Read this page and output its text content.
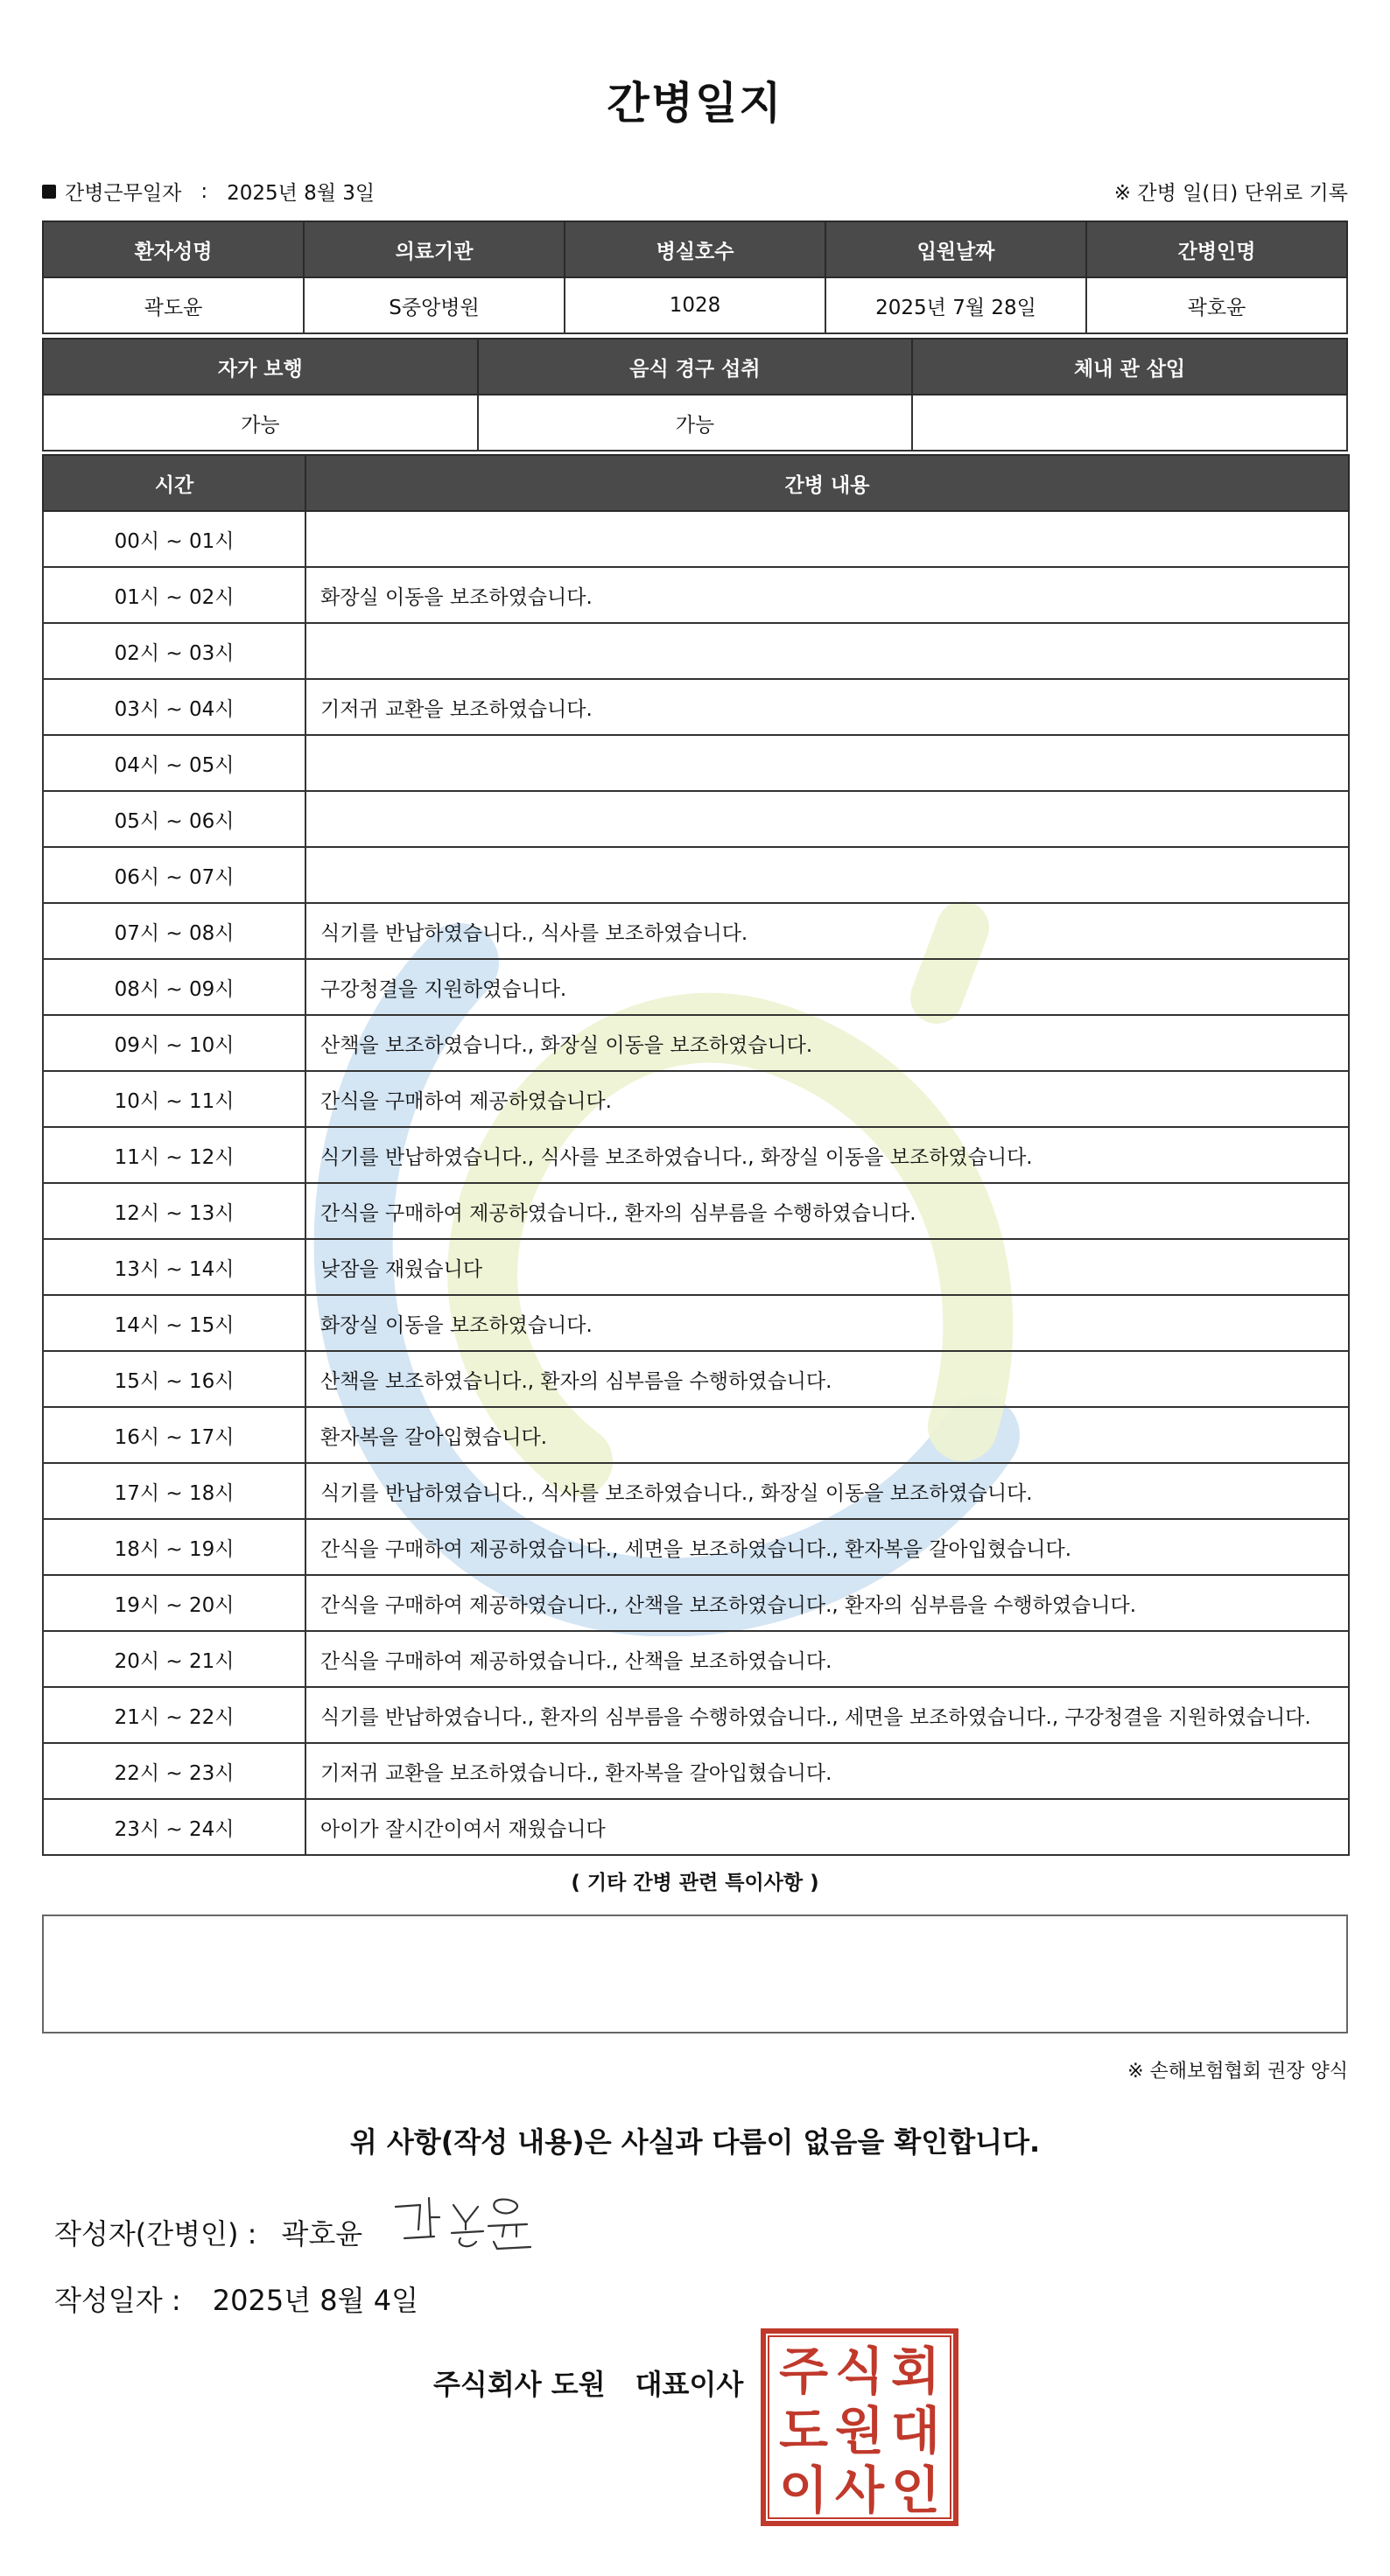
간병일지
간병근무일자 : 2025년 8월 3일	※ 간병 일(日) 단위로 기록
환자성명	의료기관	병실호수	입원날짜	간병인명
곽도윤	S중앙병원	1028	2025년 7월 28일	곽호윤
자가 보행	음식 경구 섭취	체내 관 삽입
가능	가능	
시간	간병 내용
00시 ~ 01시	
01시 ~ 02시	화장실 이동을 보조하였습니다.
02시 ~ 03시	
03시 ~ 04시	기저귀 교환을 보조하였습니다.
04시 ~ 05시	
05시 ~ 06시	
06시 ~ 07시	
07시 ~ 08시	식기를 반납하였습니다., 식사를 보조하였습니다.
08시 ~ 09시	구강청결을 지원하였습니다.
09시 ~ 10시	산책을 보조하였습니다., 화장실 이동을 보조하였습니다.
10시 ~ 11시	간식을 구매하여 제공하였습니다.
11시 ~ 12시	식기를 반납하였습니다., 식사를 보조하였습니다., 화장실 이동을 보조하였습니다.
12시 ~ 13시	간식을 구매하여 제공하였습니다., 환자의 심부름을 수행하였습니다.
13시 ~ 14시	낮잠을 재웠습니다
14시 ~ 15시	화장실 이동을 보조하였습니다.
15시 ~ 16시	산책을 보조하였습니다., 환자의 심부름을 수행하였습니다.
16시 ~ 17시	환자복을 갈아입혔습니다.
17시 ~ 18시	식기를 반납하였습니다., 식사를 보조하였습니다., 화장실 이동을 보조하였습니다.
18시 ~ 19시	간식을 구매하여 제공하였습니다., 세면을 보조하였습니다., 환자복을 갈아입혔습니다.
19시 ~ 20시	간식을 구매하여 제공하였습니다., 산책을 보조하였습니다., 환자의 심부름을 수행하였습니다.
20시 ~ 21시	간식을 구매하여 제공하였습니다., 산책을 보조하였습니다.
21시 ~ 22시	식기를 반납하였습니다., 환자의 심부름을 수행하였습니다., 세면을 보조하였습니다., 구강청결을 지원하였습니다.
22시 ~ 23시	기저귀 교환을 보조하였습니다., 환자복을 갈아입혔습니다.
23시 ~ 24시	아이가 잘시간이여서 재웠습니다
( 기타 간병 관련 특이사항 )
※ 손해보험협회 권장 양식
위 사항(작성 내용)은 사실과 다름이 없음을 확인합니다.
작성자(간병인) : 곽호윤
작성일자 : 2025년 8월 4일
주식회사 도원 대표이사 주 식 회
도 원 대
이 사 인
